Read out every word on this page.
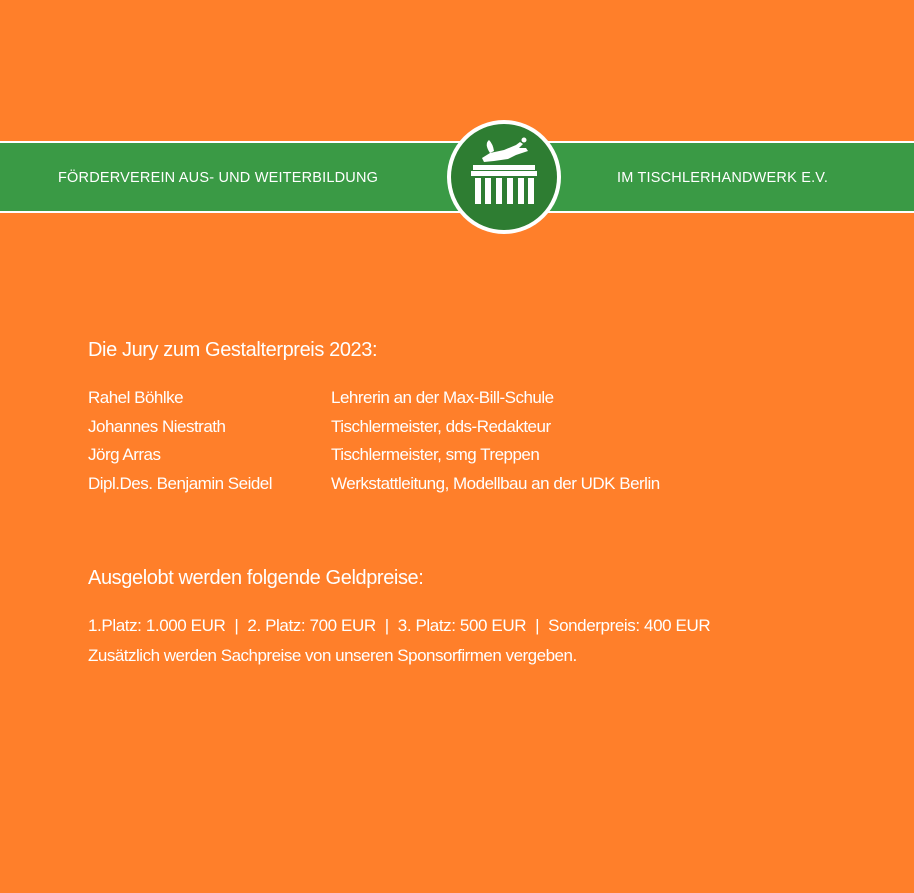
FÖRDERVEREIN AUS- UND WEITERBILDUNG	IM TISCHLERHANDWERK E.V.
Die Jury zum Gestalterpreis 2023:
Rahel Böhlke	Lehrerin an der Max-Bill-Schule
Johannes Niestrath	Tischlermeister, dds-Redakteur
Jörg Arras	Tischlermeister, smg Treppen
Dipl.Des. Benjamin Seidel	Werkstattleitung, Modellbau an der UDK Berlin
Ausgelobt werden folgende Geldpreise:
1.Platz: 1.000 EUR | 2. Platz: 700 EUR | 3. Platz: 500 EUR | Sonderpreis: 400 EUR
Zusätzlich werden Sachpreise von unseren Sponsorfirmen vergeben.
